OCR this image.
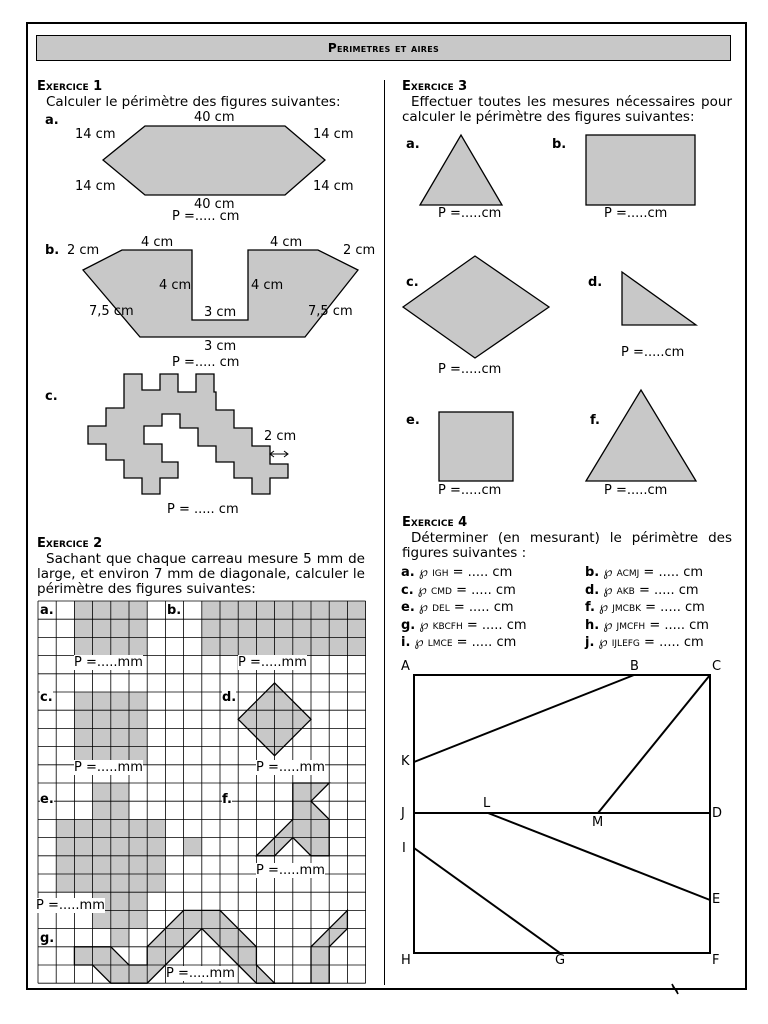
Perimetres et aires
Exercice 1
Calculer le périmètre des figures suivantes:
a.	40 cm
14 cm	14 cm
14 cm	14 cm
40 cm
P =..... cm
b. 2 cm
4 cm	4 cm
2 cm
4 cm	4 cm
3 cm
7,5 cm	7,5 cm
3 cm
P =..... cm
c.
2 cm
P = ..... cm
Exercice 2
Sachant que chaque carreau mesure 5 mm de large, et environ 7 mm de diagonale, calculer le périmètre des figures suivantes:
a.	b.
c.	d.
e.	f.
g.
P =.....mm	P =.....mm
P =.....mm	P =.....mm
P =.....mm
P =.....mm
P =.....mm
Exercice 3
Effectuer toutes les mesures nécessaires pour calculer le périmètre des figures suivantes:
a.	b.
c.	d.
e.	f.
P =.....cm	P =.....cm
P =.....cm
P =.....cm
P =.....cm	P =.....cm
Exercice 4
Déterminer (en mesurant) le périmètre des figures suivantes :
a. ℘ IGH = ..... cm	b. ℘ ACMJ = ..... cm
c. ℘ CMD = ..... cm	d. ℘ AKB = ..... cm
e. ℘ DEL = ..... cm	f. ℘ JMCBK = ..... cm
g. ℘ KBCFH = ..... cm	h. ℘ JMCFH = ..... cm
i. ℘ LMCE = ..... cm	j. ℘ IJLEFG = ..... cm
A	B	C
K
J
L
M
D
I
E
H	G	F
